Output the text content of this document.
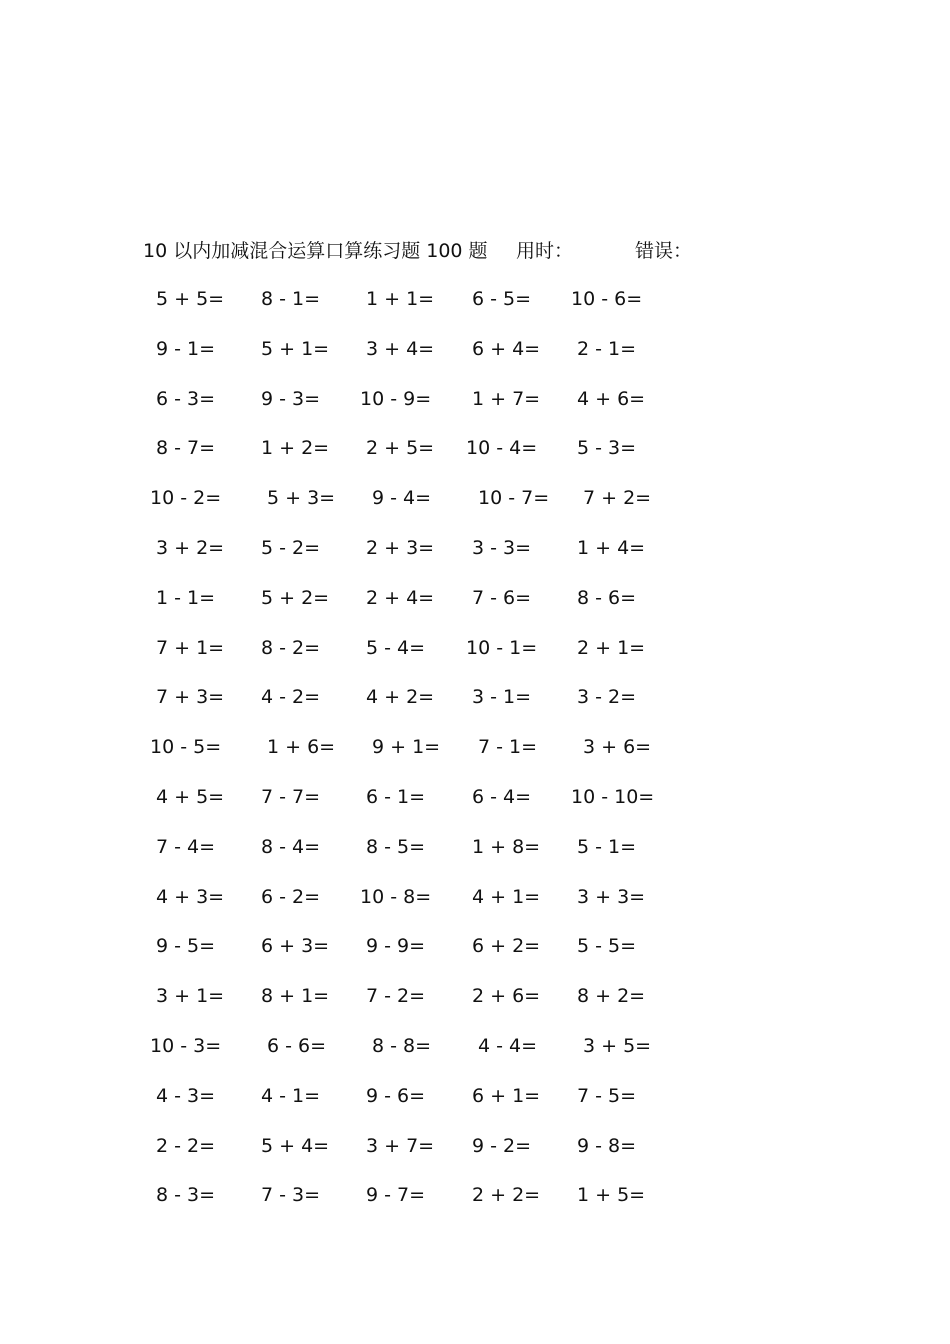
10 以内加减混合运算口算练习题 100 题 用时：	错误：
5 + 5=	8 - 1=	1 + 1=	6 - 5=	10 - 6=
9 - 1=	5 + 1=	3 + 4=	6 + 4=	2 - 1=
6 - 3=	9 - 3=	10 - 9=	1 + 7=	4 + 6=
8 - 7=	1 + 2=	2 + 5=	10 - 4=	5 - 3=
10 - 2=	5 + 3=	9 - 4=	10 - 7=	7 + 2=
3 + 2=	5 - 2=	2 + 3=	3 - 3=	1 + 4=
1 - 1=	5 + 2=	2 + 4=	7 - 6=	8 - 6=
7 + 1=	8 - 2=	5 - 4=	10 - 1=	2 + 1=
7 + 3=	4 - 2=	4 + 2=	3 - 1=	3 - 2=
10 - 5=	1 + 6=	9 + 1=	7 - 1=	3 + 6=
4 + 5=	7 - 7=	6 - 1=	6 - 4=	10 - 10=
7 - 4=	8 - 4=	8 - 5=	1 + 8=	5 - 1=
4 + 3=	6 - 2=	10 - 8=	4 + 1=	3 + 3=
9 - 5=	6 + 3=	9 - 9=	6 + 2=	5 - 5=
3 + 1=	8 + 1=	7 - 2=	2 + 6=	8 + 2=
10 - 3=	6 - 6=	8 - 8=	4 - 4=	3 + 5=
4 - 3=	4 - 1=	9 - 6=	6 + 1=	7 - 5=
2 - 2=	5 + 4=	3 + 7=	9 - 2=	9 - 8=
8 - 3=	7 - 3=	9 - 7=	2 + 2=	1 + 5=
